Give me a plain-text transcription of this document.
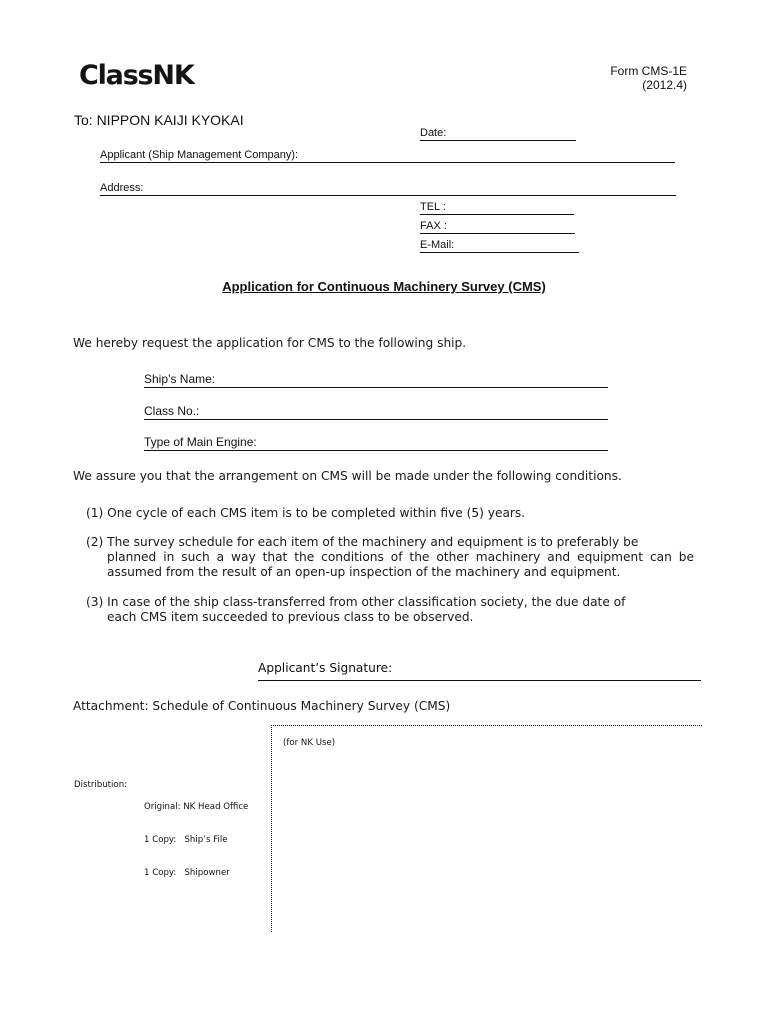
ClassNK	Form CMS-1E
(2012.4)
To: NIPPON KAIJI KYOKAI
Date:
Applicant (Ship Management Company):
Address:
TEL :
FAX :
E-Mail:
Application for Continuous Machinery Survey (CMS)
We hereby request the application for CMS to the following ship.
Ship’s Name:
Class No.:
Type of Main Engine:
We assure you that the arrangement on CMS will be made under the following conditions.
(1) One cycle of each CMS item is to be completed within five (5) years.
(2) The survey schedule for each item of the machinery and equipment is to preferably be
planned in such a way that the conditions of the other machinery and equipment can be assumed from the result of an open-up inspection of the machinery and equipment.
(3) In case of the ship class-transferred from other classification society, the due date of
each CMS item succeeded to previous class to be observed.
Applicant’s Signature:
Attachment: Schedule of Continuous Machinery Survey (CMS)
(for NK Use)
Distribution:

Original: NK Head Office

1 Copy:   Ship’s File

1 Copy:   Shipowner
